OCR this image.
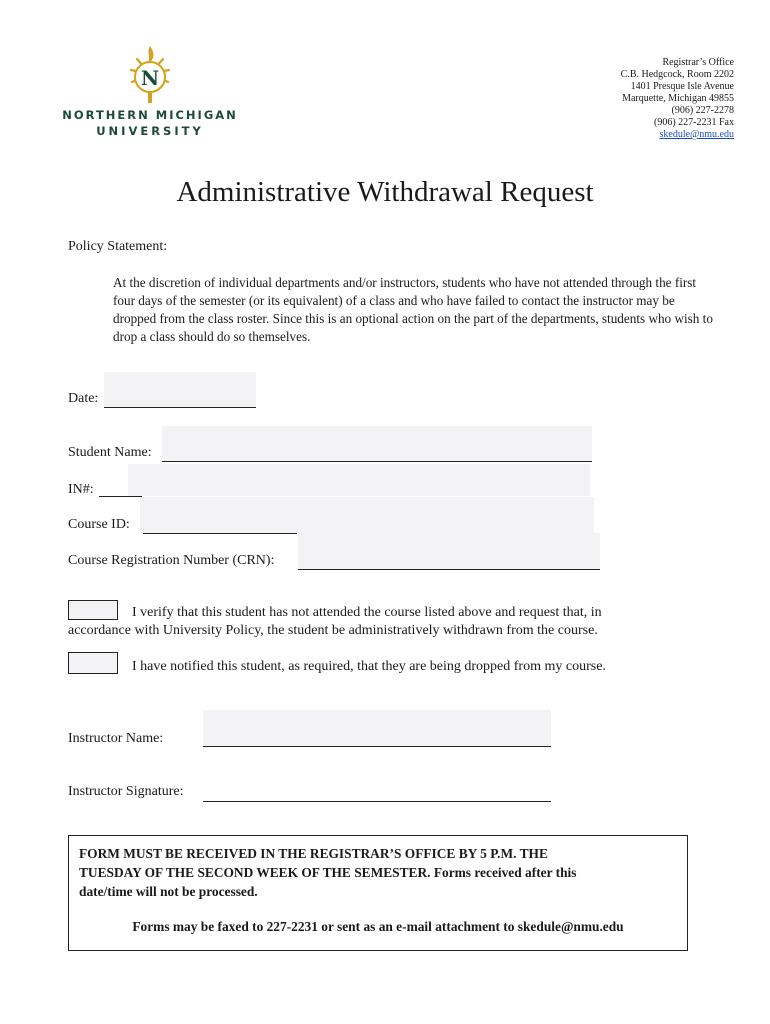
N
NORTHERN MICHIGAN
UNIVERSITY
Registrar’s Office
C.B. Hedgcock, Room 2202
1401 Presque Isle Avenue
Marquette, Michigan 49855
(906) 227-2278
(906) 227-2231 Fax
skedule@nmu.edu
Administrative Withdrawal Request
Policy Statement:
At the discretion of individual departments and/or instructors, students who have not attended through the first four days of the semester (or its equivalent) of a class and who have failed to contact the instructor may be dropped from the class roster. Since this is an optional action on the part of the departments, students who wish to drop a class should do so themselves.
Date:
Student Name:
IN#:
Course ID:
Course Registration Number (CRN):
I verify that this student has not attended the course listed above and request that, in
accordance with University Policy, the student be administratively withdrawn from the course.
I have notified this student, as required, that they are being dropped from my course.
Instructor Name:
Instructor Signature:
FORM MUST BE RECEIVED IN THE REGISTRAR’S OFFICE BY 5 P.M. THE
TUESDAY OF THE SECOND WEEK OF THE SEMESTER. Forms received after this
date/time will not be processed.
Forms may be faxed to 227-2231 or sent as an e-mail attachment to skedule@nmu.edu
